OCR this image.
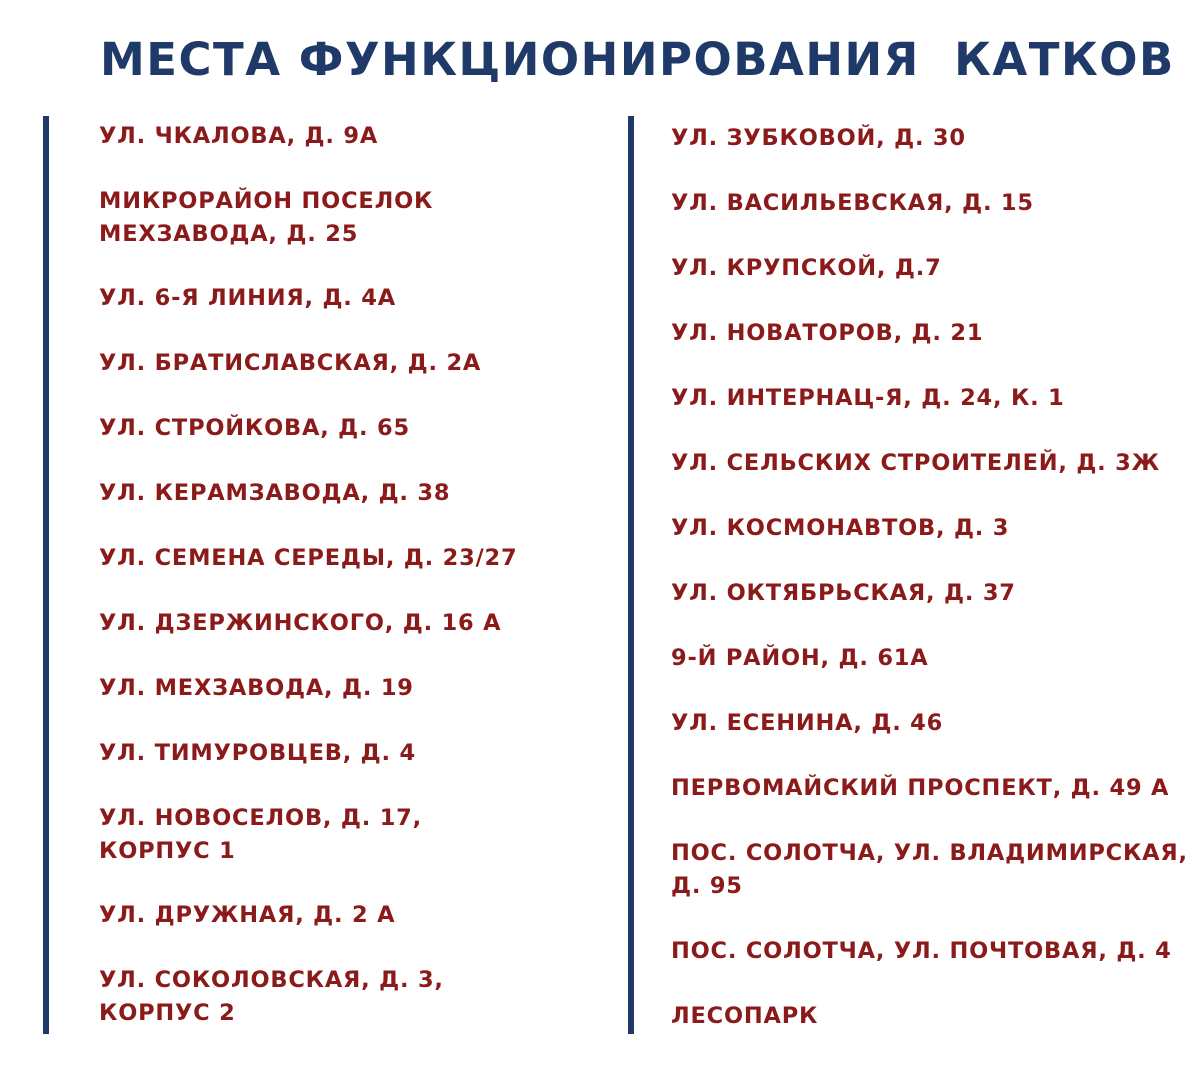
МЕСТА ФУНКЦИОНИРОВАНИЯ  КАТКОВ
УЛ. ЧКАЛОВА, Д. 9А
МИКРОРАЙОН ПОСЕЛОК
МЕХЗАВОДА, Д. 25
УЛ. 6-Я ЛИНИЯ, Д. 4А
УЛ. БРАТИСЛАВСКАЯ, Д. 2А
УЛ. СТРОЙКОВА, Д. 65
УЛ. КЕРАМЗАВОДА, Д. 38
УЛ. СЕМЕНА СЕРЕДЫ, Д. 23/27
УЛ. ДЗЕРЖИНСКОГО, Д. 16 А
УЛ. МЕХЗАВОДА, Д. 19
УЛ. ТИМУРОВЦЕВ, Д. 4
УЛ. НОВОСЕЛОВ, Д. 17,
КОРПУС 1
УЛ. ДРУЖНАЯ, Д. 2 А
УЛ. СОКОЛОВСКАЯ, Д. 3,
КОРПУС 2
УЛ. ЗУБКОВОЙ, Д. 30
УЛ. ВАСИЛЬЕВСКАЯ, Д. 15
УЛ. КРУПСКОЙ, Д.7
УЛ. НОВАТОРОВ, Д. 21
УЛ. ИНТЕРНАЦ-Я, Д. 24, К. 1
УЛ. СЕЛЬСКИХ СТРОИТЕЛЕЙ, Д. 3Ж
УЛ. КОСМОНАВТОВ, Д. 3
УЛ. ОКТЯБРЬСКАЯ, Д. 37
9-Й РАЙОН, Д. 61А
УЛ. ЕСЕНИНА, Д. 46
ПЕРВОМАЙСКИЙ ПРОСПЕКТ, Д. 49 А
ПОС. СОЛОТЧА, УЛ. ВЛАДИМИРСКАЯ,
Д. 95
ПОС. СОЛОТЧА, УЛ. ПОЧТОВАЯ, Д. 4
ЛЕСОПАРК
